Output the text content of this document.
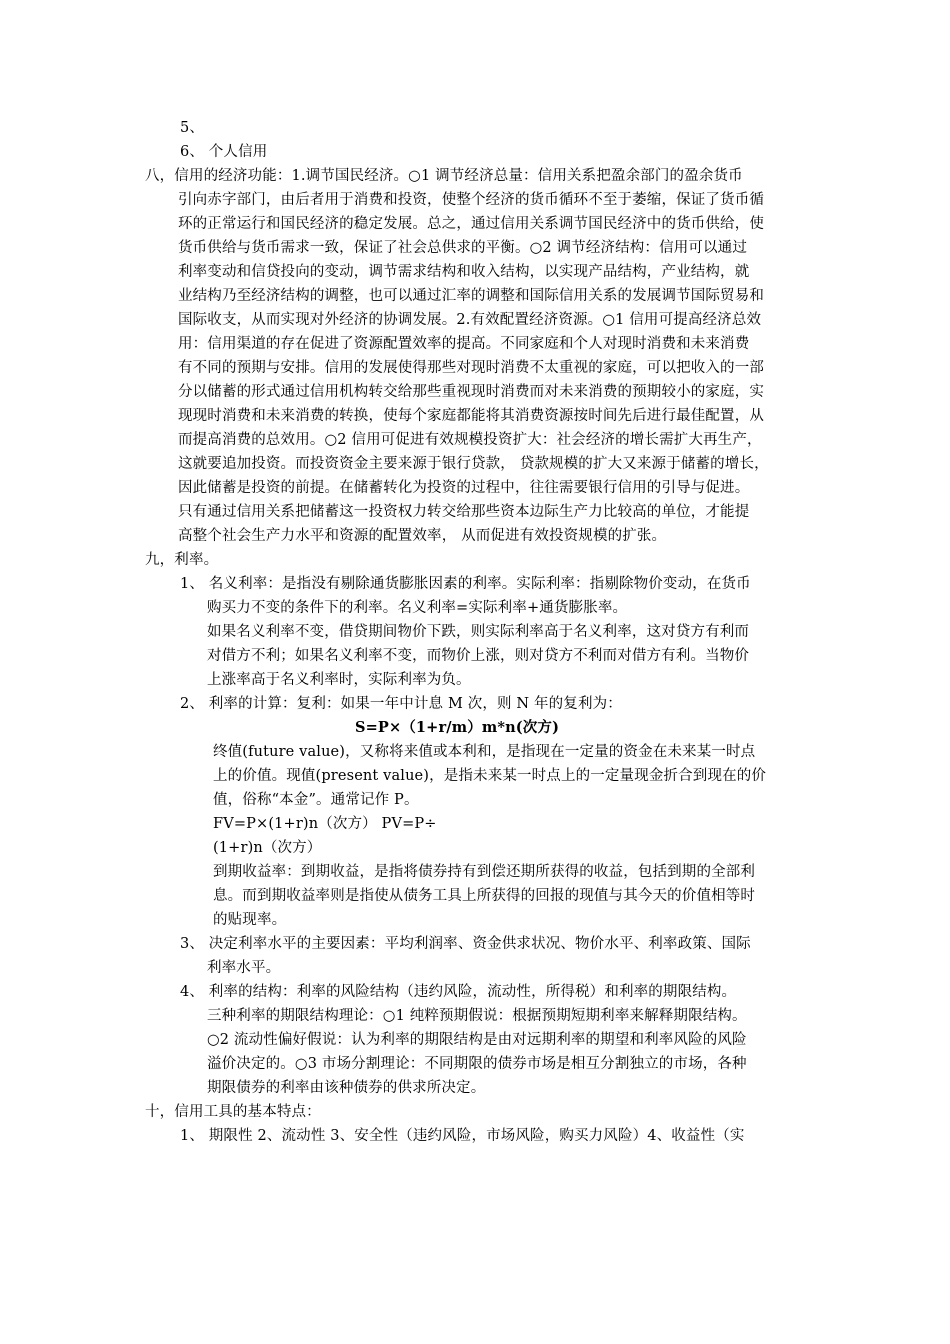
5、
6、 个人信用
八，信用的经济功能：1.调节国民经济。○1 调节经济总量：信用关系把盈余部门的盈余货币
引向赤字部门，由后者用于消费和投资，使整个经济的货币循环不至于萎缩，保证了货币循
环的正常运行和国民经济的稳定发展。总之，通过信用关系调节国民经济中的货币供给，使
货币供给与货币需求一致，保证了社会总供求的平衡。○2 调节经济结构：信用可以通过
利率变动和信贷投向的变动，调节需求结构和收入结构，以实现产品结构，产业结构，就
业结构乃至经济结构的调整，也可以通过汇率的调整和国际信用关系的发展调节国际贸易和
国际收支，从而实现对外经济的协调发展。2.有效配置经济资源。○1 信用可提高经济总效
用：信用渠道的存在促进了资源配置效率的提高。不同家庭和个人对现时消费和未来消费
有不同的预期与安排。信用的发展使得那些对现时消费不太重视的家庭，可以把收入的一部
分以储蓄的形式通过信用机构转交给那些重视现时消费而对未来消费的预期较小的家庭，实
现现时消费和未来消费的转换，使每个家庭都能将其消费资源按时间先后进行最佳配置，从
而提高消费的总效用。○2 信用可促进有效规模投资扩大：社会经济的增长需扩大再生产，
这就要追加投资。而投资资金主要来源于银行贷款， 贷款规模的扩大又来源于储蓄的增长，
因此储蓄是投资的前提。在储蓄转化为投资的过程中，往往需要银行信用的引导与促进。
只有通过信用关系把储蓄这一投资权力转交给那些资本边际生产力比较高的单位，才能提
高整个社会生产力水平和资源的配置效率， 从而促进有效投资规模的扩张。
九，利率。
1、 名义利率：是指没有剔除通货膨胀因素的利率。实际利率：指剔除物价变动，在货币
购买力不变的条件下的利率。名义利率=实际利率+通货膨胀率。
如果名义利率不变，借贷期间物价下跌，则实际利率高于名义利率，这对贷方有利而
对借方不利；如果名义利率不变，而物价上涨，则对贷方不利而对借方有利。当物价
上涨率高于名义利率时，实际利率为负。
2、 利率的计算：复利：如果一年中计息 M 次，则 N 年的复利为：
S=P×（1+r/m）m*n(次方)
终值(future value)，又称将来值或本利和，是指现在一定量的资金在未来某一时点
上的价值。现值(present value)，是指未来某一时点上的一定量现金折合到现在的价
值，俗称“本金”。通常记作 P。
FV=P×(1+r)n（次方） PV=P÷
(1+r)n（次方）
到期收益率：到期收益，是指将债券持有到偿还期所获得的收益，包括到期的全部利
息。而到期收益率则是指使从债务工具上所获得的回报的现值与其今天的价值相等时
的贴现率。
3、 决定利率水平的主要因素：平均利润率、资金供求状况、物价水平、利率政策、国际
利率水平。
4、 利率的结构：利率的风险结构（违约风险，流动性，所得税）和利率的期限结构。
三种利率的期限结构理论：○1 纯粹预期假说：根据预期短期利率来解释期限结构。
○2 流动性偏好假说：认为利率的期限结构是由对远期利率的期望和利率风险的风险
溢价决定的。○3 市场分割理论：不同期限的债券市场是相互分割独立的市场，各种
期限债券的利率由该种债券的供求所决定。
十，信用工具的基本特点：
1、 期限性 2、流动性 3、安全性（违约风险，市场风险，购买力风险）4、收益性（实
